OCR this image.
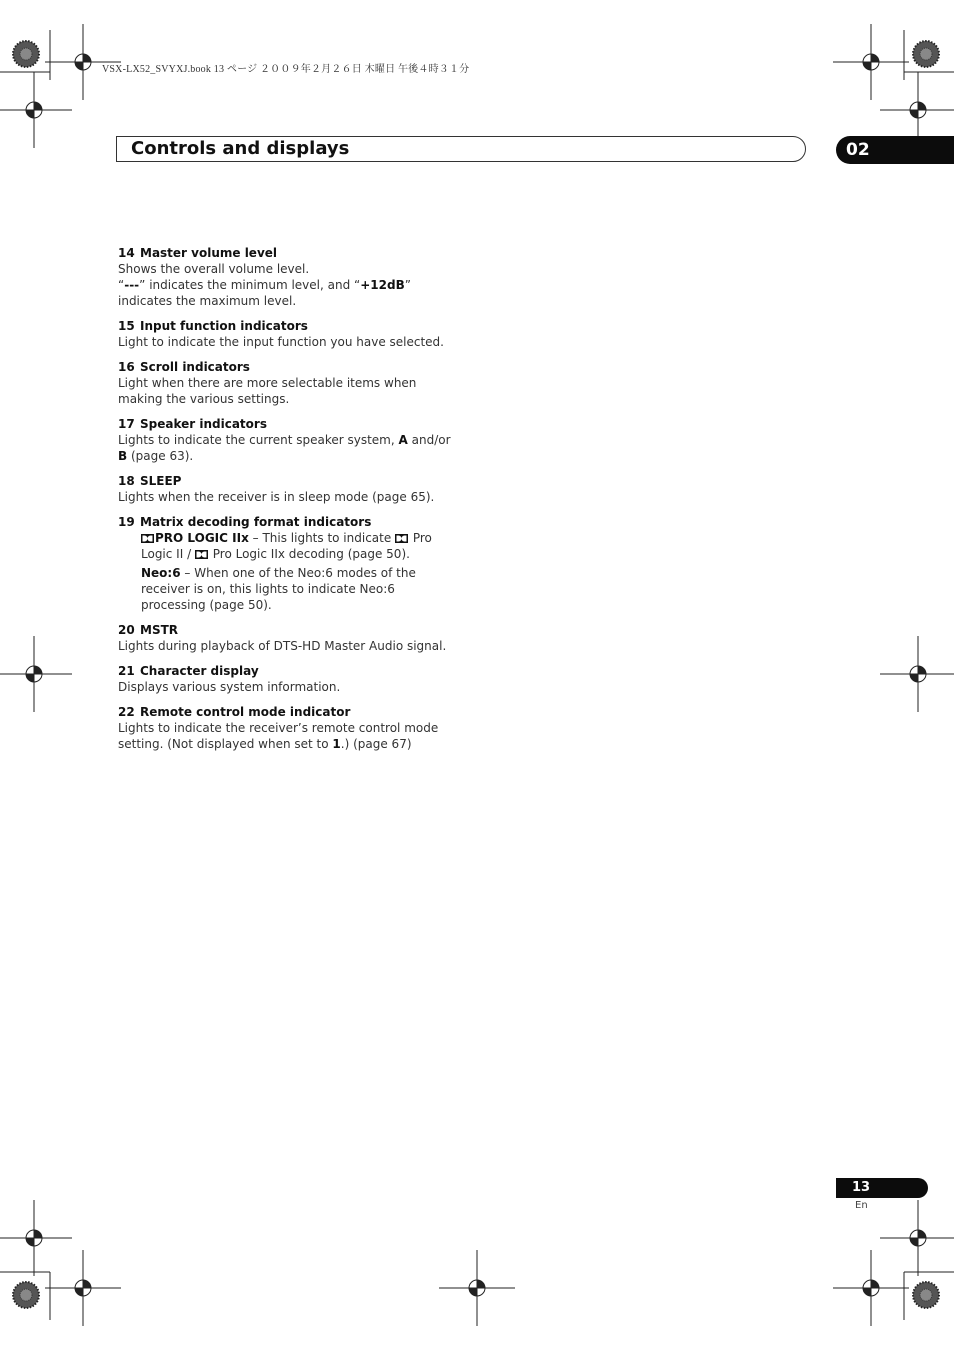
VSX-LX52_SVYXJ.book 13 ページ ２００９年２月２６日 木曜日 午後４時３１分
Controls and displays	02
14 Master volume level
Shows the overall volume level.
“---” indicates the minimum level, and “+12dB” indicates the maximum level.
15 Input function indicators
Light to indicate the input function you have selected.
16 Scroll indicators
Light when there are more selectable items when making the various settings.
17 Speaker indicators
Lights to indicate the current speaker system, A and/or B (page 63).
18 SLEEP
Lights when the receiver is in sleep mode (page 65).
19 Matrix decoding format indicators

PRO LOGIC IIx – This lights to indicate  Pro Logic II /  Pro Logic IIx decoding (page 50).

Neo:6 – When one of the Neo:6 modes of the receiver is on, this lights to indicate Neo:6 processing (page 50).

20 MSTR
Lights during playback of DTS-HD Master Audio signal.
21 Character display
Displays various system information.
22 Remote control mode indicator
Lights to indicate the receiver’s remote control mode setting. (Not displayed when set to 1.) (page 67)
13
En
